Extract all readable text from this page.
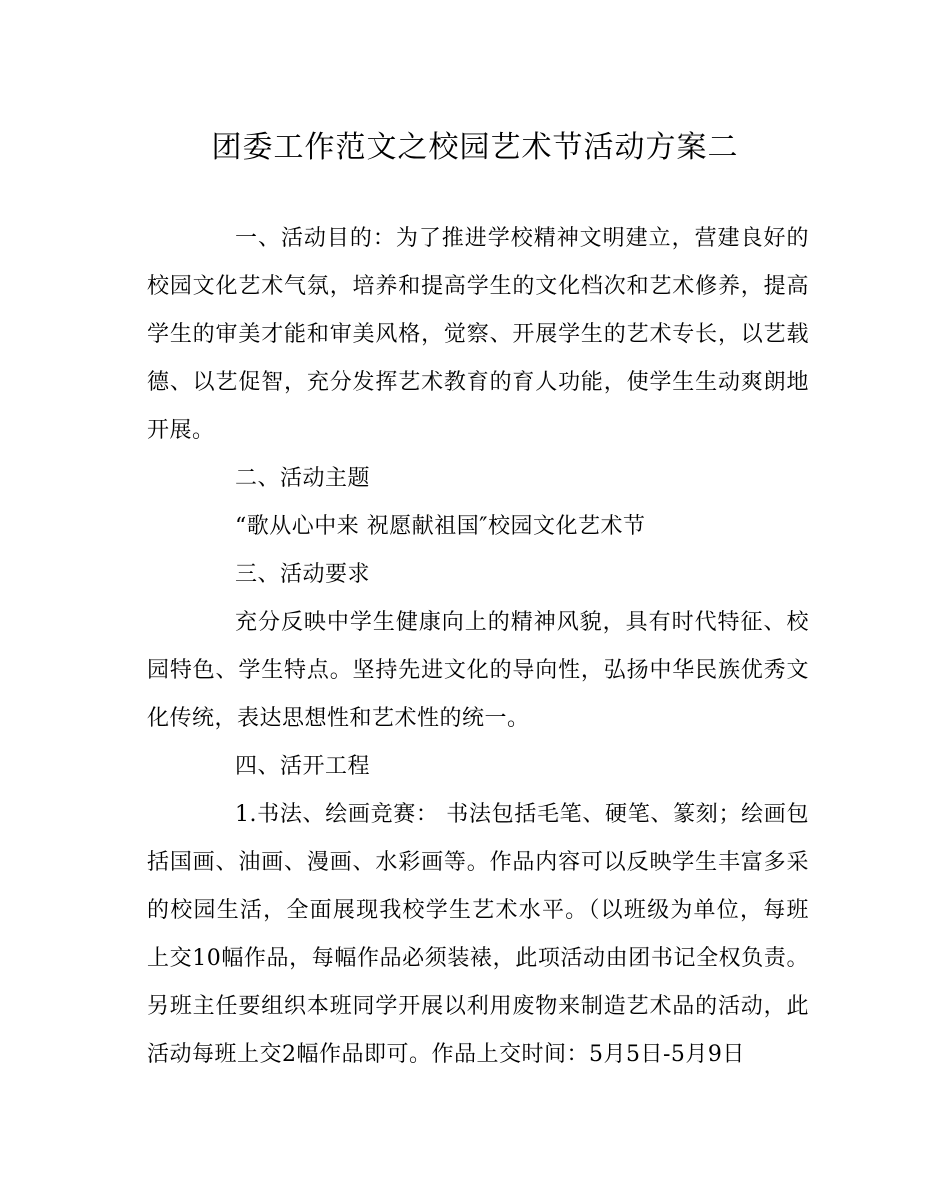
团委工作范文之校园艺术节活动方案二

一、活动目的：为了推进学校精神文明建立，营建良好的校园文化艺术气氛，培养和提高学生的文化档次和艺术修养，提高学生的审美才能和审美风格，觉察、开展学生的艺术专长，以艺载德、以艺促智，充分发挥艺术教育的育人功能，使学生生动爽朗地开展。

二、活动主题

“歌从心中来 祝愿献祖国″校园文化艺术节

三、活动要求

充分反映中学生健康向上的精神风貌，具有时代特征、校园特色、学生特点。坚持先进文化的导向性，弘扬中华民族优秀文化传统，表达思想性和艺术性的统一。

四、活开工程

1.书法、绘画竞赛： 书法包括毛笔、硬笔、篆刻；绘画包括国画、油画、漫画、水彩画等。作品内容可以反映学生丰富多采的校园生活，全面展现我校学生艺术水平。（以班级为单位，每班上交10幅作品，每幅作品必须装裱，此项活动由团书记全权负责。另班主任要组织本班同学开展以利用废物来制造艺术品的活动，此活动每班上交2幅作品即可。作品上交时间：5月5日-5月9日
